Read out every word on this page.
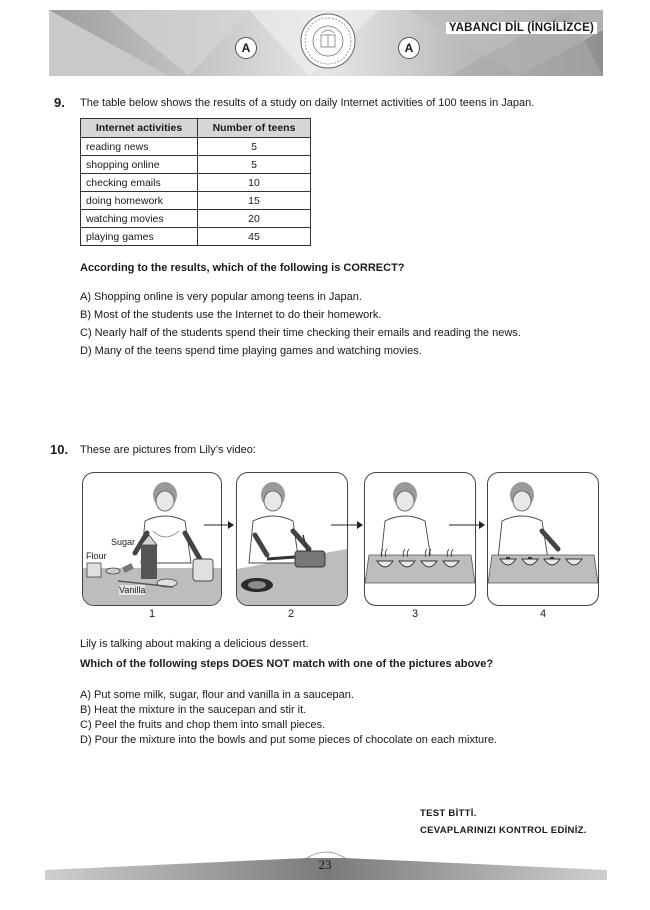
YABANCI DİL (İNGİLİZCE)
A	A
9. The table below shows the results of a study on daily Internet activities of 100 teens in Japan.
Internet activities	Number of teens
reading news	5
shopping online	5
checking emails	10
doing homework	15
watching movies	20
playing games	45
According to the results, which of the following is CORRECT?
A) Shopping online is very popular among teens in Japan.
B) Most of the students use the Internet to do their homework.
C) Nearly half of the students spend their time checking their emails and reading the news.
D) Many of the teens spend time playing games and watching movies.
10. These are pictures from Lily’s video:
Sugar
Flour
Vanilla
1	2	3	4
Lily is talking about making a delicious dessert.
Which of the following steps DOES NOT match with one of the pictures above?
A) Put some milk, sugar, flour and vanilla in a saucepan.
B) Heat the mixture in the saucepan and stir it.
C) Peel the fruits and chop them into small pieces.
D) Pour the mixture into the bowls and put some pieces of chocolate on each mixture.
TEST BİTTİ.
CEVAPLARINIZI KONTROL EDİNİZ.
23
